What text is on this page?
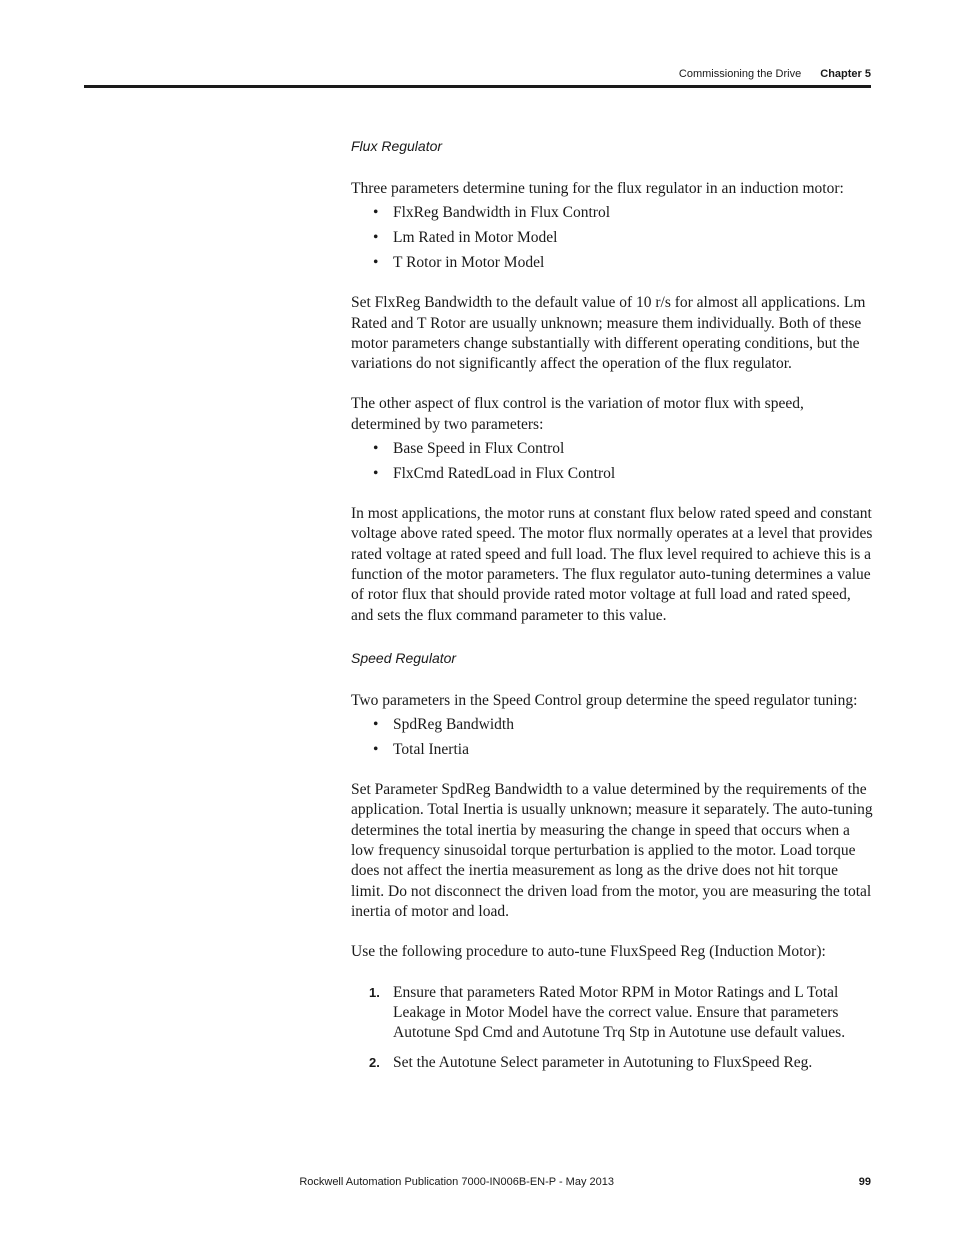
Commissioning the Drive Chapter 5
Flux Regulator

Three parameters determine tuning for the flux regulator in an induction motor:

• FlxReg Bandwidth in Flux Control
• Lm Rated in Motor Model
• T Rotor in Motor Model

Set FlxReg Bandwidth to the default value of 10 r/s for almost all applications. Lm Rated and T Rotor are usually unknown; measure them individually. Both of these motor parameters change substantially with different operating conditions, but the variations do not significantly affect the operation of the flux regulator.

The other aspect of flux control is the variation of motor flux with speed, determined by two parameters:

• Base Speed in Flux Control
• FlxCmd RatedLoad in Flux Control

In most applications, the motor runs at constant flux below rated speed and constant voltage above rated speed. The motor flux normally operates at a level that provides rated voltage at rated speed and full load. The flux level required to achieve this is a function of the motor parameters. The flux regulator auto-tuning determines a value of rotor flux that should provide rated motor voltage at full load and rated speed, and sets the flux command parameter to this value.

Speed Regulator

Two parameters in the Speed Control group determine the speed regulator tuning:

• SpdReg Bandwidth
• Total Inertia

Set Parameter SpdReg Bandwidth to a value determined by the requirements of the application. Total Inertia is usually unknown; measure it separately. The auto-tuning determines the total inertia by measuring the change in speed that occurs when a low frequency sinusoidal torque perturbation is applied to the motor. Load torque does not affect the inertia measurement as long as the drive does not hit torque limit. Do not disconnect the driven load from the motor, you are measuring the total inertia of motor and load.

Use the following procedure to auto-tune FluxSpeed Reg (Induction Motor):

1. Ensure that parameters Rated Motor RPM in Motor Ratings and L Total Leakage in Motor Model have the correct value. Ensure that parameters Autotune Spd Cmd and Autotune Trq Stp in Autotune use default values.
2. Set the Autotune Select parameter in Autotuning to FluxSpeed Reg.
Rockwell Automation Publication 7000-IN006B-EN-P - May 2013	99
